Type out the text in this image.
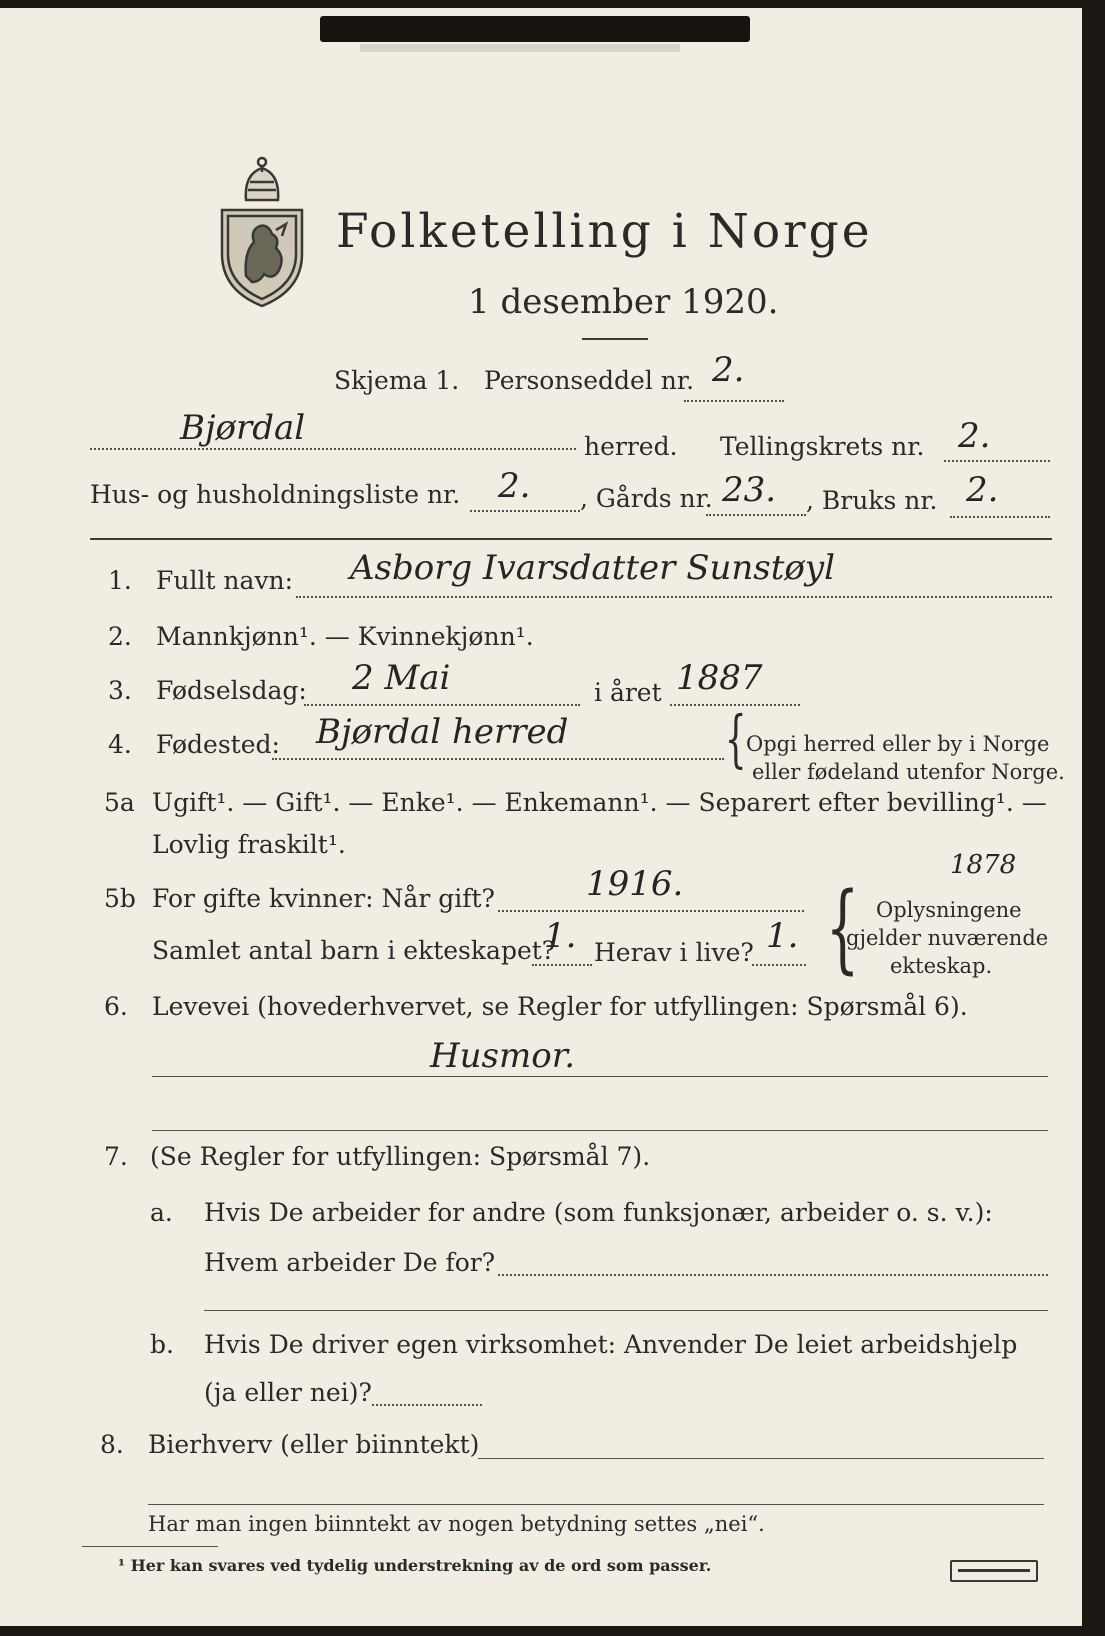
Folketelling i Norge
1 desember 1920.
Skjema 1. Personseddel nr. 2.
Bjørdal	herred. Tellingskrets nr. 2.
Hus- og husholdningsliste nr. 2. , Gårds nr. 23. , Bruks nr. 2.
1. Fullt navn: Asborg Ivarsdatter Sunstøyl
2. Mannkjønn¹. — Kvinnekjønn¹.
3. Fødselsdag: 2 Mai	i året 1887
4. Fødested: Bjørdal herred	{ Opgi herred eller by i Norge
eller fødeland utenfor Norge.
5a Ugift¹. — Gift¹. — Enke¹. — Enkemann¹. — Separert efter bevilling¹. —
Lovlig fraskilt¹.
5b For gifte kvinner: Når gift?	1916.	1878
Samlet antal barn i ekteskapet?
1. Herav i live? 1. { Oplysningene
gjelder nuværende
ekteskap.
6. Levevei (hovederhvervet, se Regler for utfyllingen: Spørsmål 6).
Husmor.
7. (Se Regler for utfyllingen: Spørsmål 7).
a. Hvis De arbeider for andre (som funksjonær, arbeider o. s. v.):
Hvem arbeider De for?
b. Hvis De driver egen virksomhet: Anvender De leiet arbeidshjelp
(ja eller nei)?
8. Bierhverv (eller biinntekt)
Har man ingen biinntekt av nogen betydning settes „nei“.
¹ Her kan svares ved tydelig understrekning av de ord som passer.
